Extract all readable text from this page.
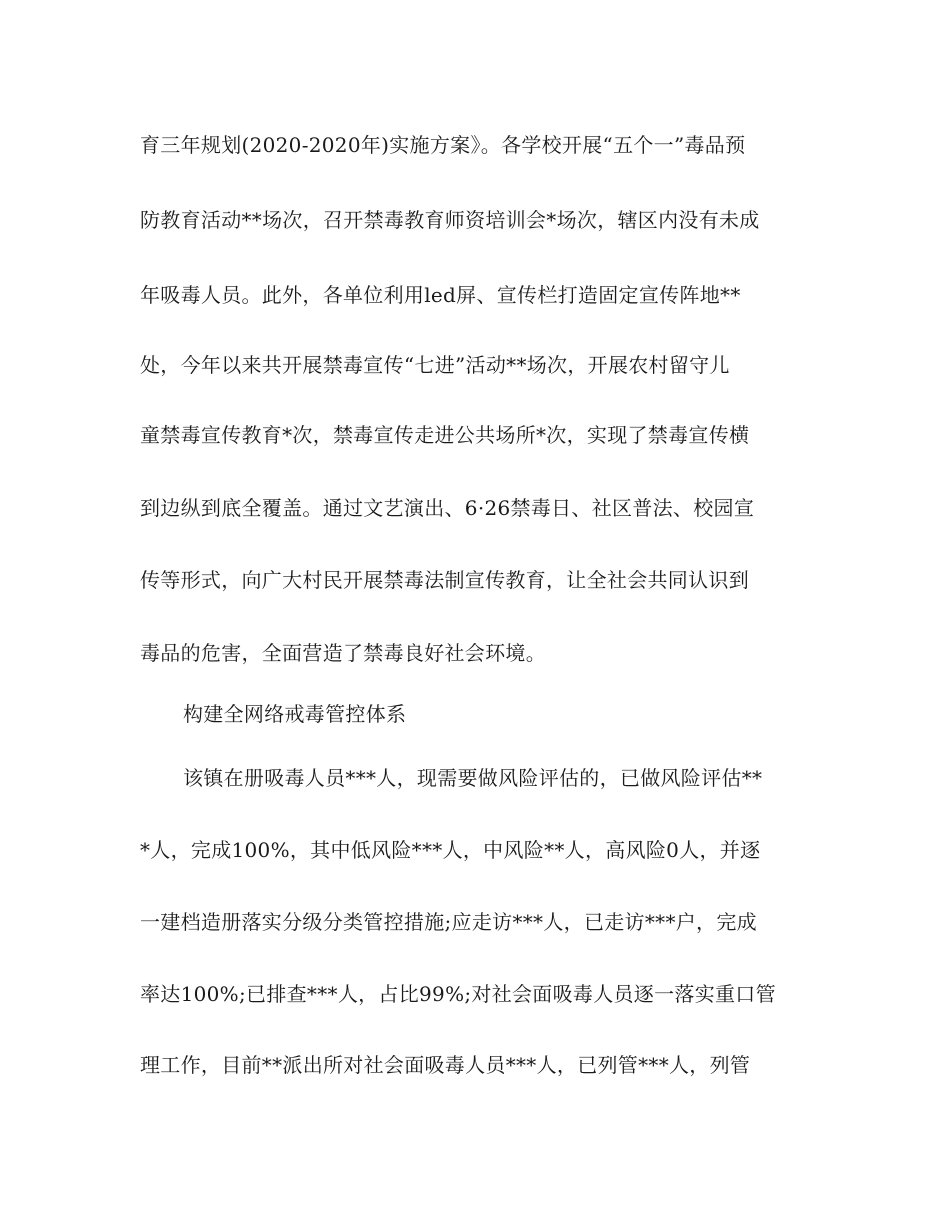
育三年规划(2020-2020年)实施方案》。各学校开展“五个一”毒品预
防教育活动**场次，召开禁毒教育师资培训会*场次，辖区内没有未成
年吸毒人员。此外，各单位利用led屏、宣传栏打造固定宣传阵地**
处，今年以来共开展禁毒宣传“七进”活动**场次，开展农村留守儿
童禁毒宣传教育*次，禁毒宣传走进公共场所*次，实现了禁毒宣传横
到边纵到底全覆盖。通过文艺演出、6·26禁毒日、社区普法、校园宣
传等形式，向广大村民开展禁毒法制宣传教育，让全社会共同认识到
毒品的危害，全面营造了禁毒良好社会环境。
构建全网络戒毒管控体系
该镇在册吸毒人员***人，现需要做风险评估的，已做风险评估**
*人，完成100%，其中低风险***人，中风险**人，高风险0人，并逐
一建档造册落实分级分类管控措施;应走访***人，已走访***户，完成
率达100%;已排查***人，占比99%;对社会面吸毒人员逐一落实重口管
理工作，目前**派出所对社会面吸毒人员***人，已列管***人，列管
